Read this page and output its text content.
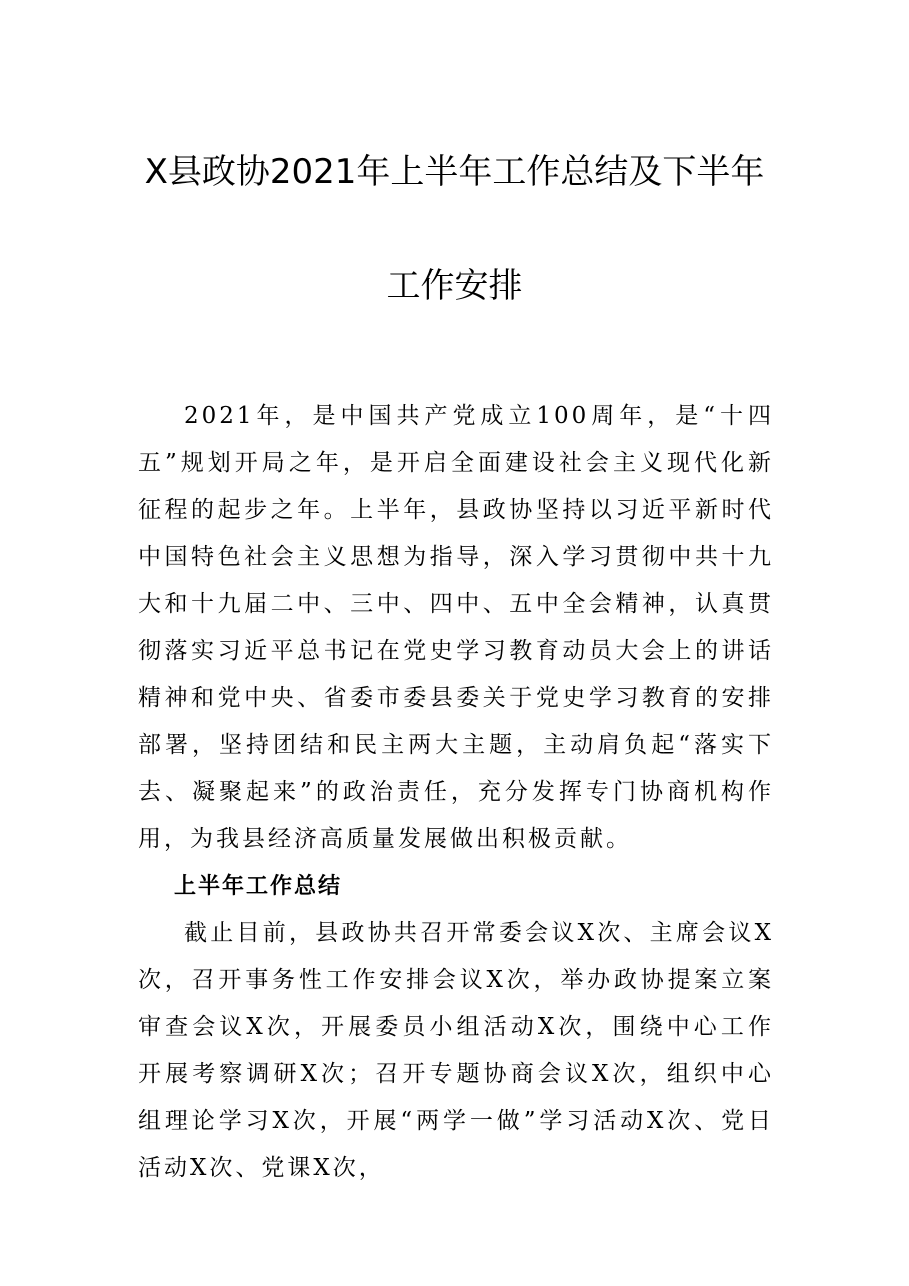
X县政协2021年上半年工作总结及下半年
工作安排

2021年，是中国共产党成立100周年，是“十四五”规划开局之年，是开启全面建设社会主义现代化新征程的起步之年。上半年，县政协坚持以习近平新时代中国特色社会主义思想为指导，深入学习贯彻中共十九大和十九届二中、三中、四中、五中全会精神，认真贯彻落实习近平总书记在党史学习教育动员大会上的讲话精神和党中央、省委市委县委关于党史学习教育的安排部署，坚持团结和民主两大主题，主动肩负起“落实下去、凝聚起来”的政治责任，充分发挥专门协商机构作用，为我县经济高质量发展做出积极贡献。

上半年工作总结

截止目前，县政协共召开常委会议X次、主席会议X次，召开事务性工作安排会议X次，举办政协提案立案审查会议X次，开展委员小组活动X次，围绕中心工作开展考察调研X次；召开专题协商会议X次，组织中心组理论学习X次，开展“两学一做”学习活动X次、党日活动X次、党课X次，
